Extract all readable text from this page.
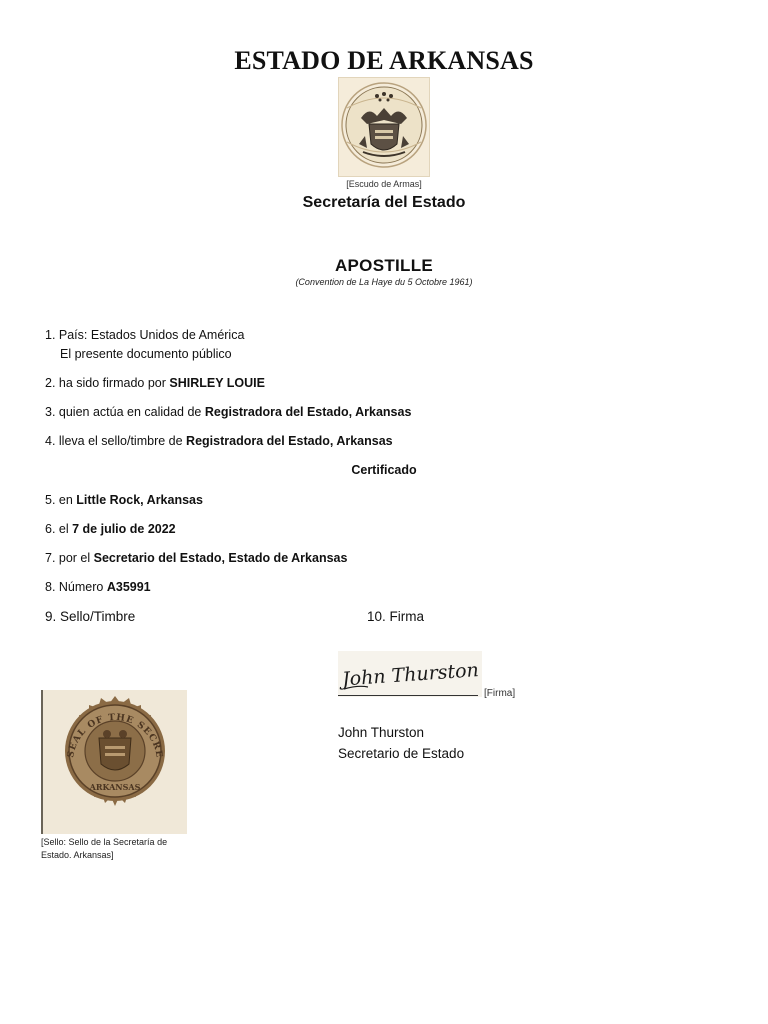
ESTADO DE ARKANSAS
[Escudo de Armas]
Secretaría del Estado
APOSTILLE
(Convention de La Haye du 5 Octobre 1961)
1. País: Estados Unidos de América
El presente documento público
2. ha sido firmado por SHIRLEY LOUIE
3. quien actúa en calidad de Registradora del Estado, Arkansas
4. lleva el sello/timbre de Registradora del Estado, Arkansas
Certificado
5. en Little Rock, Arkansas
6. el 7 de julio de 2022
7. por el Secretario del Estado, Estado de Arkansas
8. Número A35991
9. Sello/Timbre	10. Firma
John Thurston
[Firma]
John Thurston
Secretario de Estado
SEAL OF THE SECRE
ARKANSAS
[Sello: Sello de la Secretaría de Estado. Arkansas]
